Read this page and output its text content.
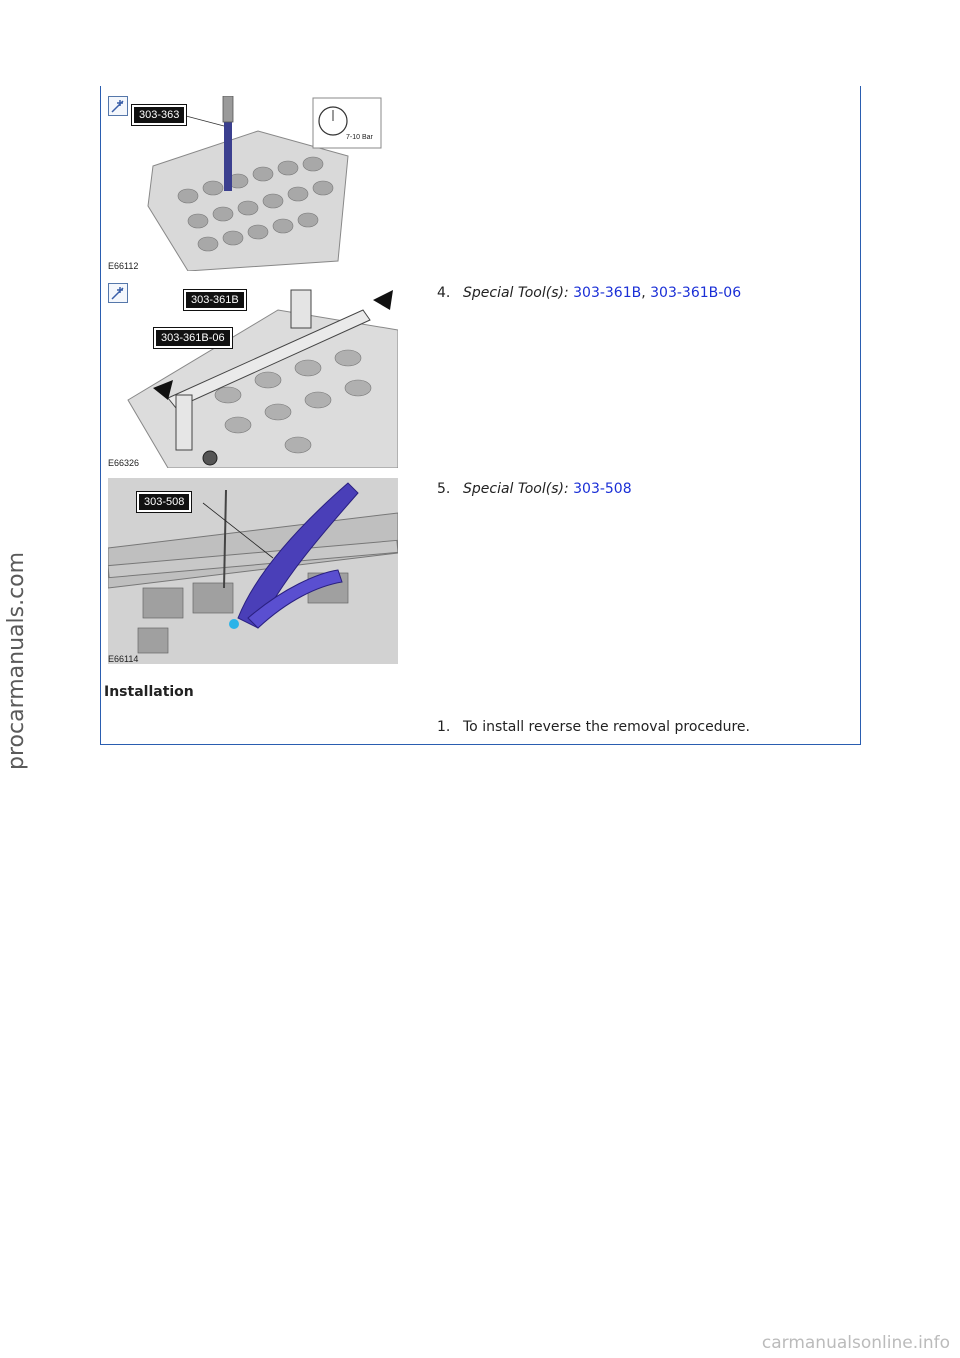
303-363
7-10 Bar
E66112
303-361B
303-361B-06
E66326
303-508
E66114
4. Special Tool(s): 303-361B, 303-361B-06
5. Special Tool(s): 303-508
Installation
1. To install reverse the removal procedure.
procarmanuals.com
carmanualsonline.info
